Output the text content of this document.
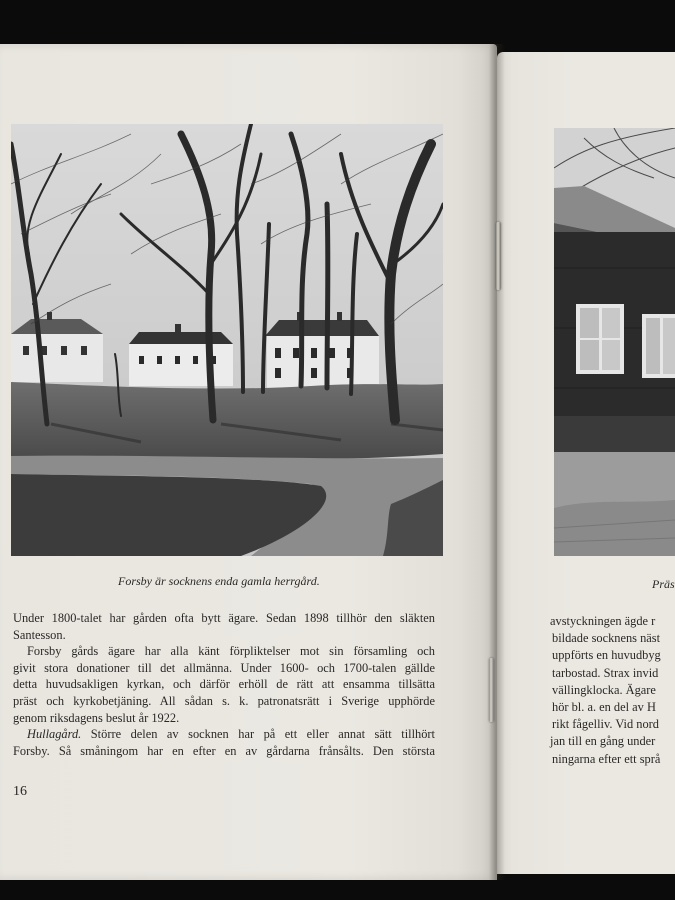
Forsby är socknens enda gamla herrgård.
Under 1800-talet har gården ofta bytt ägare. Sedan 1898 tillhör den släkten
Santesson.
Forsby gårds ägare har alla känt förpliktelser mot sin församling och
givit stora donationer till det allmänna. Under 1600- och 1700-talen gällde
detta huvudsakligen kyrkan, och därför erhöll de rätt att ensamma tillsätta
präst och kyrkobetjäning. All sådan s. k. patronatsrätt i Sverige upphörde
genom riksdagens beslut år 1922.
Hullagård. Större delen av socknen har på ett eller annat sätt tillhört
Forsby. Så småningom har en efter en av gårdarna frånsålts. Den största
16
Präs
avstyckningen ägde r
bildade socknens näst
uppförts en huvudbyg
tarbostad. Strax invid
vällingklocka. Ägare
hör bl. a. en del av H
rikt fågelliv. Vid nord
jan till en gång under
ningarna efter ett språ
